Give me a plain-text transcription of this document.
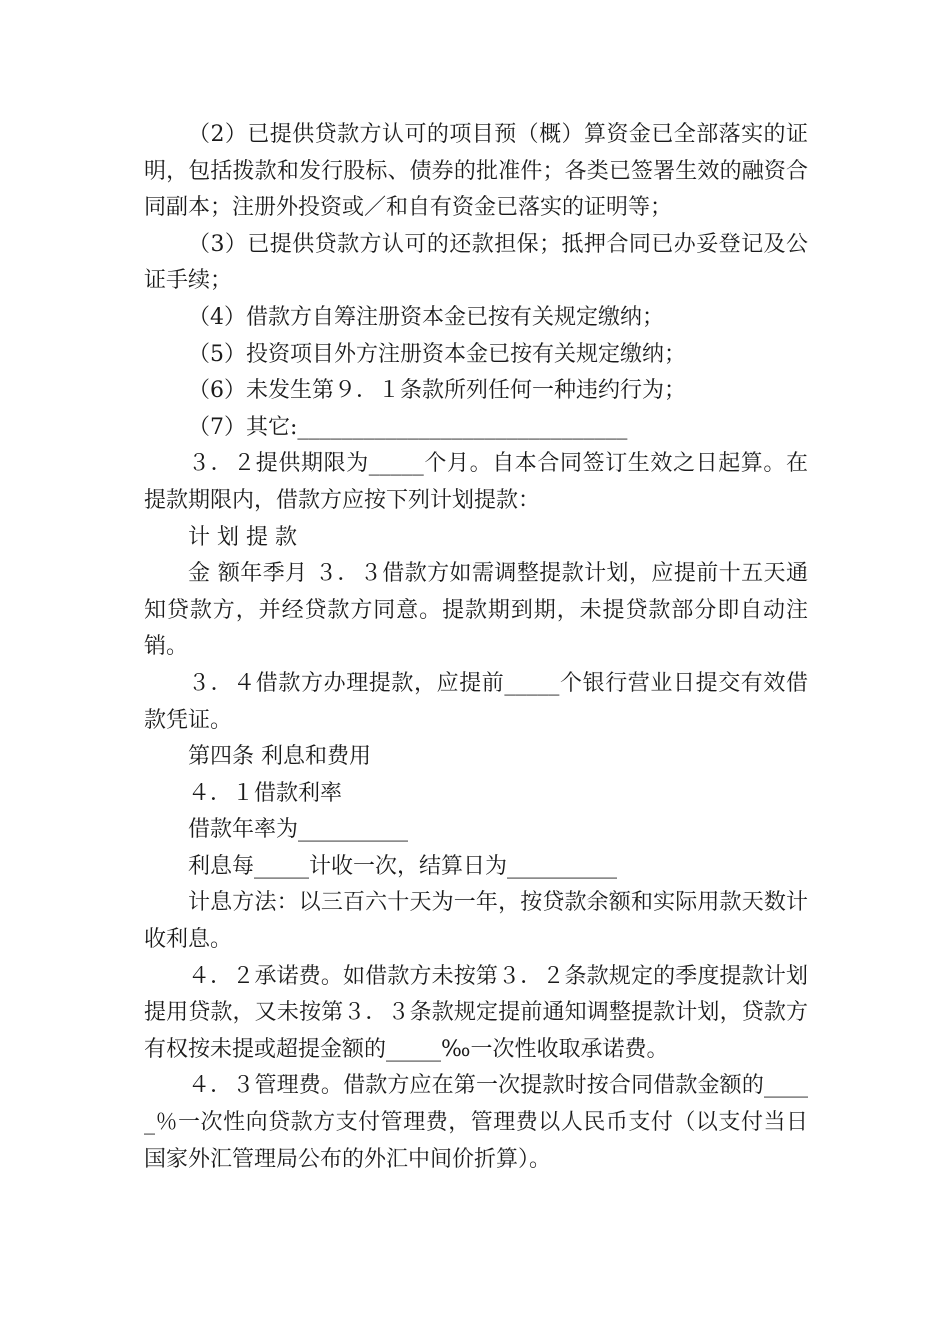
（2）已提供贷款方认可的项目预（概）算资金已全部落实的证明，包括拨款和发行股标、债券的批准件；各类已签署生效的融资合同副本；注册外投资或／和自有资金已落实的证明等；

（3）已提供贷款方认可的还款担保；抵押合同已办妥登记及公证手续；

（4）借款方自筹注册资本金已按有关规定缴纳；

（5）投资项目外方注册资本金已按有关规定缴纳；

（6）未发生第９．１条款所列任何一种违约行为；

（7）其它:______________________________

３．２提供期限为_____个月。自本合同签订生效之日起算。在提款期限内，借款方应按下列计划提款：

计 划 提 款

金 额年季月 ３．３借款方如需调整提款计划，应提前十五天通知贷款方，并经贷款方同意。提款期到期，未提贷款部分即自动注销。

３．４借款方办理提款，应提前_____个银行营业日提交有效借款凭证。

第四条 利息和费用

４．１借款利率

借款年率为__________

利息每_____计收一次，结算日为__________

计息方法：以三百六十天为一年，按贷款余额和实际用款天数计收利息。

４．２承诺费。如借款方未按第３．２条款规定的季度提款计划提用贷款，又未按第３．３条款规定提前通知调整提款计划，贷款方有权按未提或超提金额的_____‰一次性收取承诺费。

４．３管理费。借款方应在第一次提款时按合同借款金额的_____％一次性向贷款方支付管理费，管理费以人民币支付（以支付当日国家外汇管理局公布的外汇中间价折算）。
